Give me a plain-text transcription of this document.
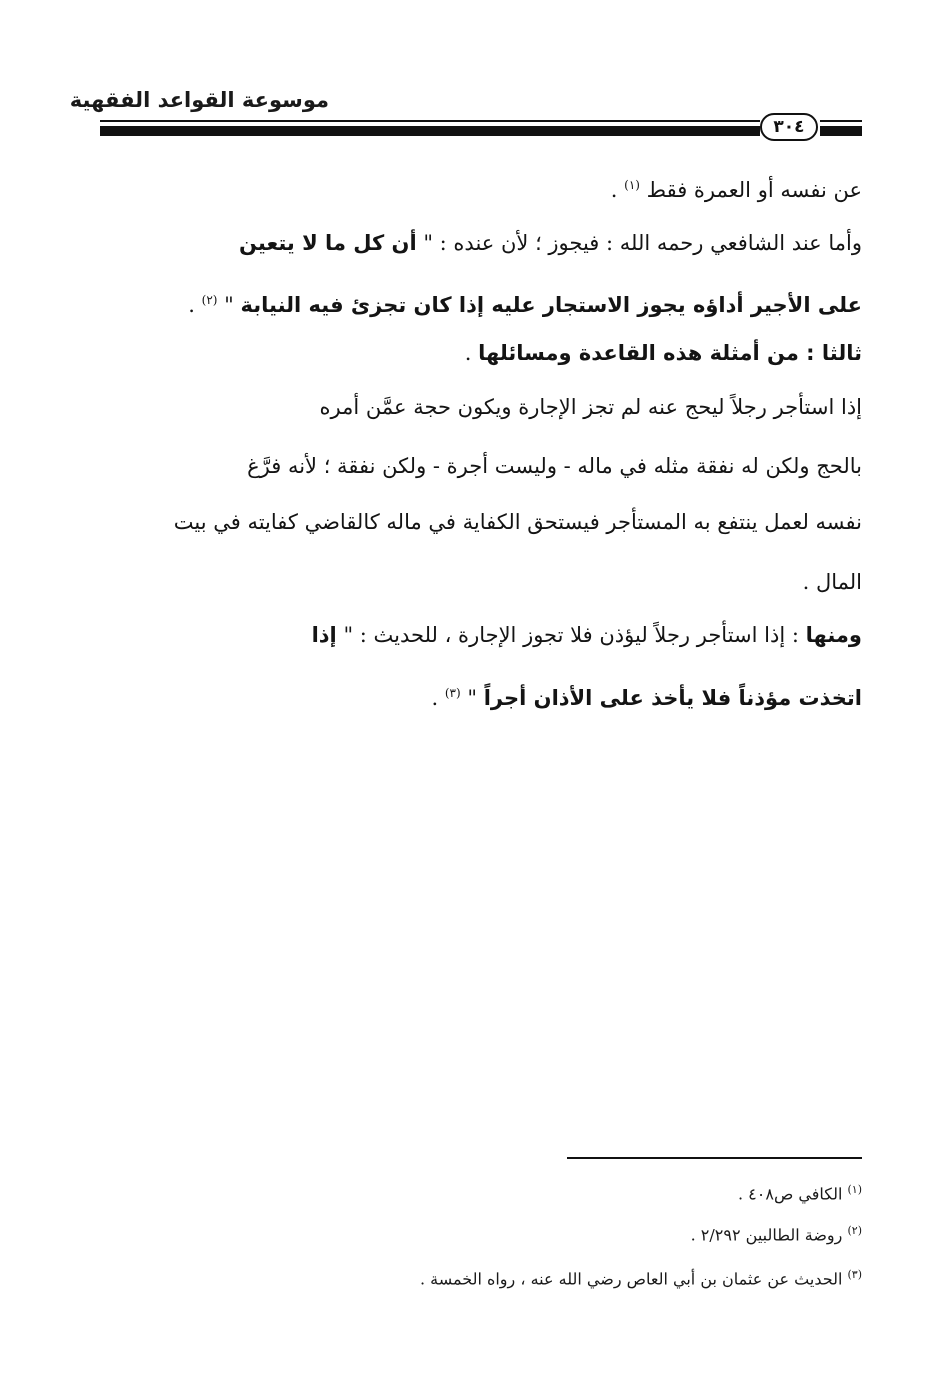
موسوعة القواعد الفقهية
٣٠٤
عن نفسه أو العمرة فقط $^{(١)}$ .
وأما عند الشافعي رحمه الله : فيجوز ؛ لأن عنده : " أن كل ما لا يتعين
على الأجير أداؤه يجوز الاستجار عليه إذا كان تجزئ فيه النيابة " $^{(٢)}$ .
ثالثا : من أمثلة هذه القاعدة ومسائلها .
إذا استأجر رجلاً ليحج عنه لم تجز الإجارة ويكون حجة عمَّن أمره
بالحج ولكن له نفقة مثله في ماله - وليست أجرة - ولكن نفقة ؛ لأنه فرَّغ
نفسه لعمل ينتفع به المستأجر فيستحق الكفاية في ماله كالقاضي كفايته في بيت
المال .
ومنها : إذا استأجر رجلاً ليؤذن فلا تجوز الإجارة ، للحديث : " إذا
اتخذت مؤذناً فلا يأخذ على الأذان أجراً " $^{(٣)}$ .
$^{(١)}$ الكافي ص٤٠٨ .
$^{(٢)}$ روضة الطالبين ٢/٢٩٢ .
$^{(٣)}$ الحديث عن عثمان بن أبي العاص رضي الله عنه ، رواه الخمسة .
